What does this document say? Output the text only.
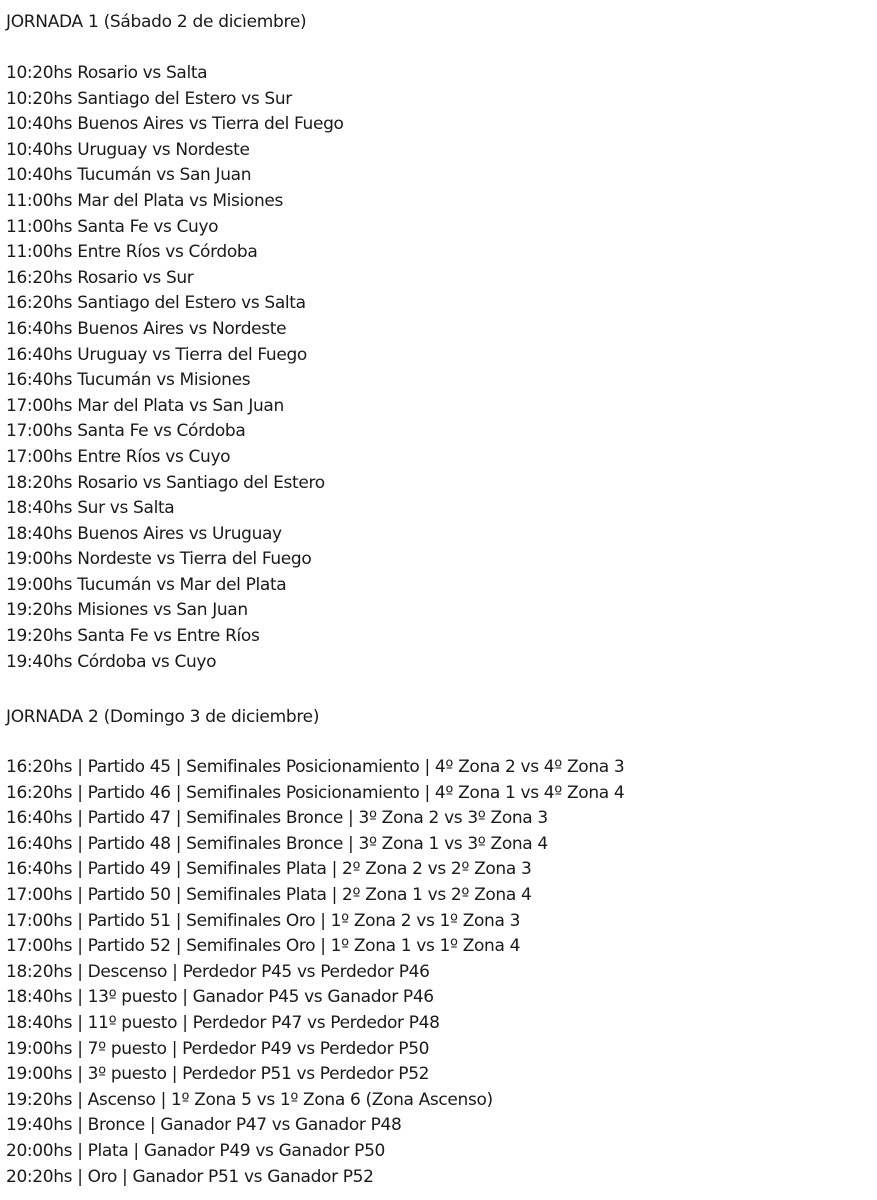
JORNADA 1 (Sábado 2 de diciembre)
10:20hs Rosario vs Salta
10:20hs Santiago del Estero vs Sur
10:40hs Buenos Aires vs Tierra del Fuego
10:40hs Uruguay vs Nordeste
10:40hs Tucumán vs San Juan
11:00hs Mar del Plata vs Misiones
11:00hs Santa Fe vs Cuyo
11:00hs Entre Ríos vs Córdoba
16:20hs Rosario vs Sur
16:20hs Santiago del Estero vs Salta
16:40hs Buenos Aires vs Nordeste
16:40hs Uruguay vs Tierra del Fuego
16:40hs Tucumán vs Misiones
17:00hs Mar del Plata vs San Juan
17:00hs Santa Fe vs Córdoba
17:00hs Entre Ríos vs Cuyo
18:20hs Rosario vs Santiago del Estero
18:40hs Sur vs Salta
18:40hs Buenos Aires vs Uruguay
19:00hs Nordeste vs Tierra del Fuego
19:00hs Tucumán vs Mar del Plata
19:20hs Misiones vs San Juan
19:20hs Santa Fe vs Entre Ríos
19:40hs Córdoba vs Cuyo
JORNADA 2 (Domingo 3 de diciembre)
16:20hs | Partido 45 | Semifinales Posicionamiento | 4º Zona 2 vs 4º Zona 3
16:20hs | Partido 46 | Semifinales Posicionamiento | 4º Zona 1 vs 4º Zona 4
16:40hs | Partido 47 | Semifinales Bronce | 3º Zona 2 vs 3º Zona 3
16:40hs | Partido 48 | Semifinales Bronce | 3º Zona 1 vs 3º Zona 4
16:40hs | Partido 49 | Semifinales Plata | 2º Zona 2 vs 2º Zona 3
17:00hs | Partido 50 | Semifinales Plata | 2º Zona 1 vs 2º Zona 4
17:00hs | Partido 51 | Semifinales Oro | 1º Zona 2 vs 1º Zona 3
17:00hs | Partido 52 | Semifinales Oro | 1º Zona 1 vs 1º Zona 4
18:20hs | Descenso | Perdedor P45 vs Perdedor P46
18:40hs | 13º puesto | Ganador P45 vs Ganador P46
18:40hs | 11º puesto | Perdedor P47 vs Perdedor P48
19:00hs | 7º puesto | Perdedor P49 vs Perdedor P50
19:00hs | 3º puesto | Perdedor P51 vs Perdedor P52
19:20hs | Ascenso | 1º Zona 5 vs 1º Zona 6 (Zona Ascenso)
19:40hs | Bronce | Ganador P47 vs Ganador P48
20:00hs | Plata | Ganador P49 vs Ganador P50
20:20hs | Oro | Ganador P51 vs Ganador P52
